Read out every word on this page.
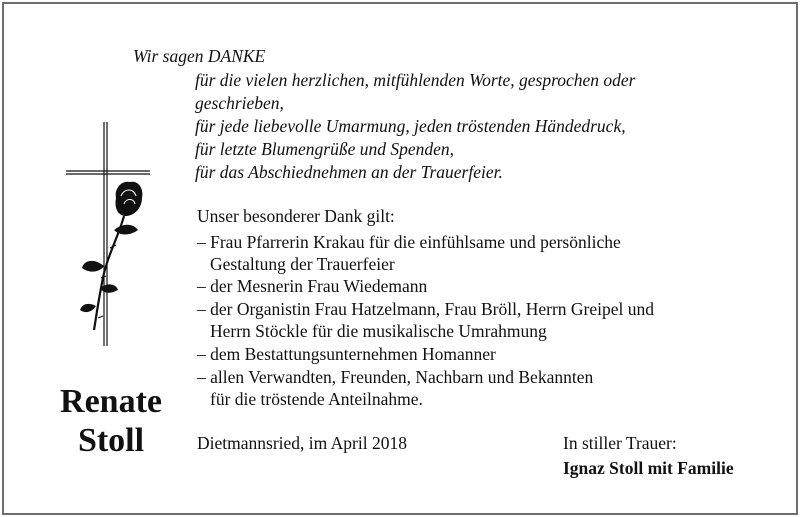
Wir sagen DANKE
für die vielen herzlichen, mitfühlenden Worte, gesprochen oder
geschrieben,
für jede liebevolle Umarmung, jeden tröstenden Händedruck,
für letzte Blumengrüße und Spenden,
für das Abschiednehmen an der Trauerfeier.
Unser besonderer Dank gilt:
– Frau Pfarrerin Krakau für die einfühlsame und persönliche
Gestaltung der Trauerfeier
– der Mesnerin Frau Wiedemann
– der Organistin Frau Hatzelmann, Frau Bröll, Herrn Greipel und
Herrn Stöckle für die musikalische Umrahmung
– dem Bestattungsunternehmen Homanner
– allen Verwandten, Freunden, Nachbarn und Bekannten
für die tröstende Anteilnahme.
Renate
Stoll	Dietmannsried, im April 2018	In stiller Trauer:
Ignaz Stoll mit Familie
